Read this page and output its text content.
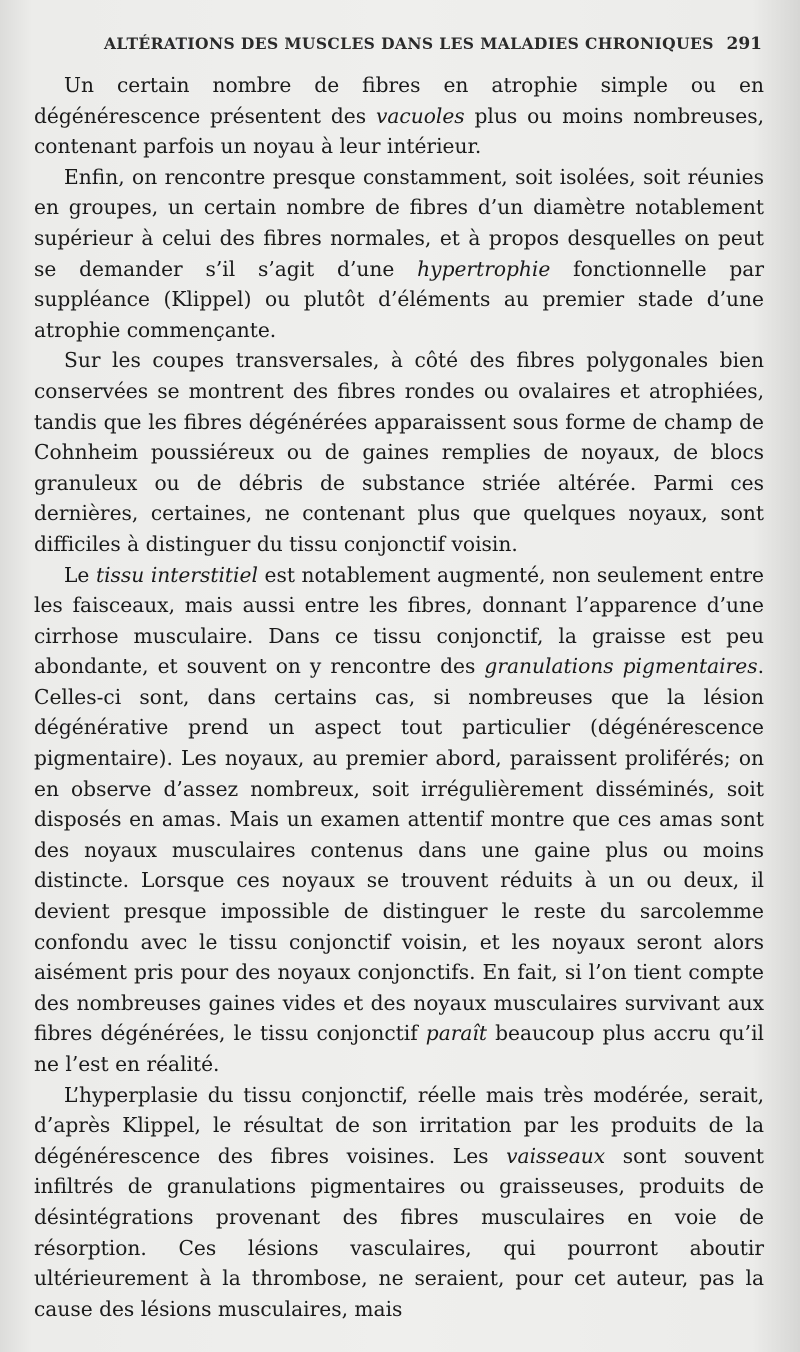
ALTÉRATIONS DES MUSCLES DANS LES MALADIES CHRONIQUES 291

Un certain nombre de fibres en atrophie simple ou en dégénérescence présentent des vacuoles plus ou moins nombreuses, contenant parfois un noyau à leur intérieur.

Enfin, on rencontre presque constamment, soit isolées, soit réunies en groupes, un certain nombre de fibres d’un diamètre notablement supérieur à celui des fibres normales, et à propos desquelles on peut se demander s’il s’agit d’une hypertrophie fonctionnelle par suppléance (Klippel) ou plutôt d’éléments au premier stade d’une atrophie commençante.

Sur les coupes transversales, à côté des fibres polygonales bien conservées se montrent des fibres rondes ou ovalaires et atrophiées, tandis que les fibres dégénérées apparaissent sous forme de champ de Cohnheim poussiéreux ou de gaines remplies de noyaux, de blocs granuleux ou de débris de substance striée altérée. Parmi ces dernières, certaines, ne contenant plus que quelques noyaux, sont difficiles à distinguer du tissu conjonctif voisin.

Le tissu interstitiel est notablement augmenté, non seulement entre les faisceaux, mais aussi entre les fibres, donnant l’apparence d’une cirrhose musculaire. Dans ce tissu conjonctif, la graisse est peu abondante, et souvent on y rencontre des granulations pigmentaires. Celles-ci sont, dans certains cas, si nombreuses que la lésion dégénérative prend un aspect tout particulier (dégénérescence pigmentaire). Les noyaux, au premier abord, paraissent proliférés; on en observe d’assez nombreux, soit irrégulièrement disséminés, soit disposés en amas. Mais un examen attentif montre que ces amas sont des noyaux musculaires contenus dans une gaine plus ou moins distincte. Lorsque ces noyaux se trouvent réduits à un ou deux, il devient presque impossible de distinguer le reste du sarcolemme confondu avec le tissu conjonctif voisin, et les noyaux seront alors aisément pris pour des noyaux conjonctifs. En fait, si l’on tient compte des nombreuses gaines vides et des noyaux musculaires survivant aux fibres dégénérées, le tissu conjonctif paraît beaucoup plus accru qu’il ne l’est en réalité.

L’hyperplasie du tissu conjonctif, réelle mais très modérée, serait, d’après Klippel, le résultat de son irritation par les produits de la dégénérescence des fibres voisines. Les vaisseaux sont souvent infiltrés de granulations pigmentaires ou graisseuses, produits de désintégrations provenant des fibres musculaires en voie de résorption. Ces lésions vasculaires, qui pourront aboutir ultérieurement à la thrombose, ne seraient, pour cet auteur, pas la cause des lésions musculaires, mais
